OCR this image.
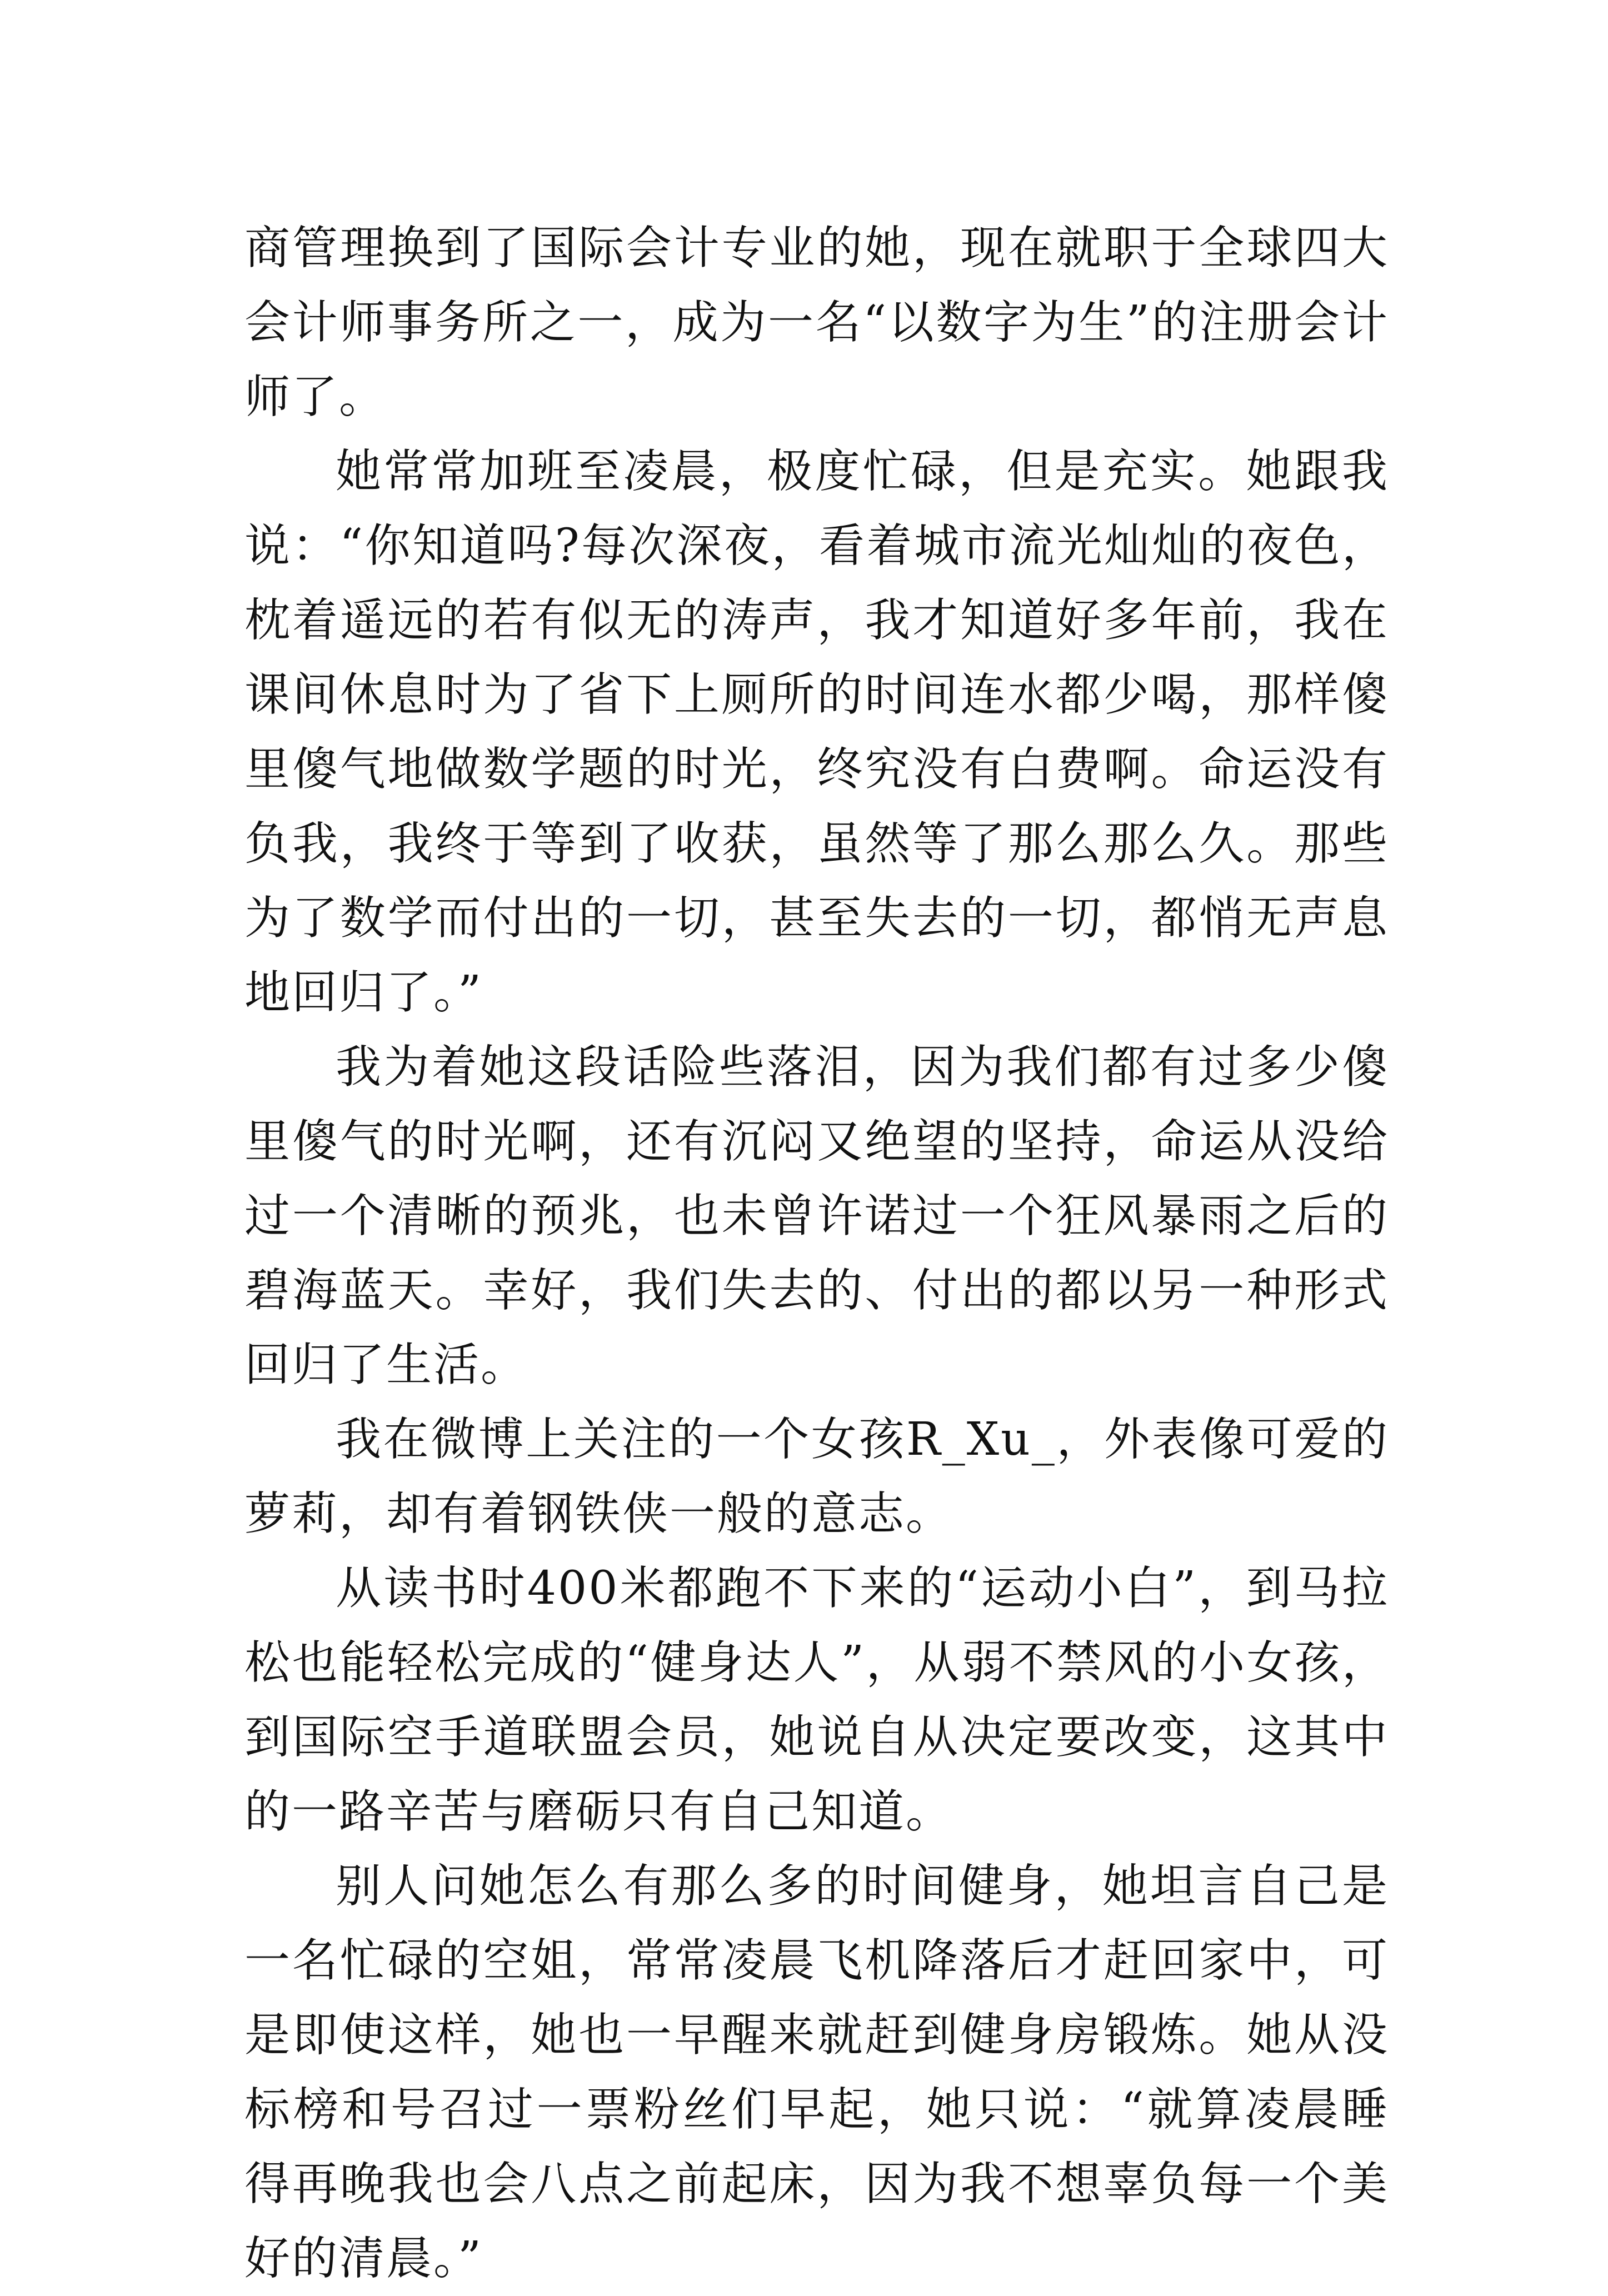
商管理换到了国际会计专业的她，现在就职于全球四大会计师事务所之一，成为一名“以数字为生”的注册会计师了。

她常常加班至凌晨，极度忙碌，但是充实。她跟我说：“你知道吗?每次深夜，看着城市流光灿灿的夜色，枕着遥远的若有似无的涛声，我才知道好多年前，我在课间休息时为了省下上厕所的时间连水都少喝，那样傻里傻气地做数学题的时光，终究没有白费啊。命运没有负我，我终于等到了收获，虽然等了那么那么久。那些为了数学而付出的一切，甚至失去的一切，都悄无声息地回归了。”

我为着她这段话险些落泪，因为我们都有过多少傻里傻气的时光啊，还有沉闷又绝望的坚持，命运从没给过一个清晰的预兆，也未曾许诺过一个狂风暴雨之后的碧海蓝天。幸好，我们失去的、付出的都以另一种形式回归了生活。

我在微博上关注的一个女孩R_Xu_，外表像可爱的萝莉，却有着钢铁侠一般的意志。

从读书时400米都跑不下来的“运动小白”，到马拉松也能轻松完成的“健身达人”，从弱不禁风的小女孩，到国际空手道联盟会员，她说自从决定要改变，这其中的一路辛苦与磨砺只有自己知道。

别人问她怎么有那么多的时间健身，她坦言自己是一名忙碌的空姐，常常凌晨飞机降落后才赶回家中，可是即使这样，她也一早醒来就赶到健身房锻炼。她从没标榜和号召过一票粉丝们早起，她只说：“就算凌晨睡得再晚我也会八点之前起床，因为我不想辜负每一个美好的清晨。”
